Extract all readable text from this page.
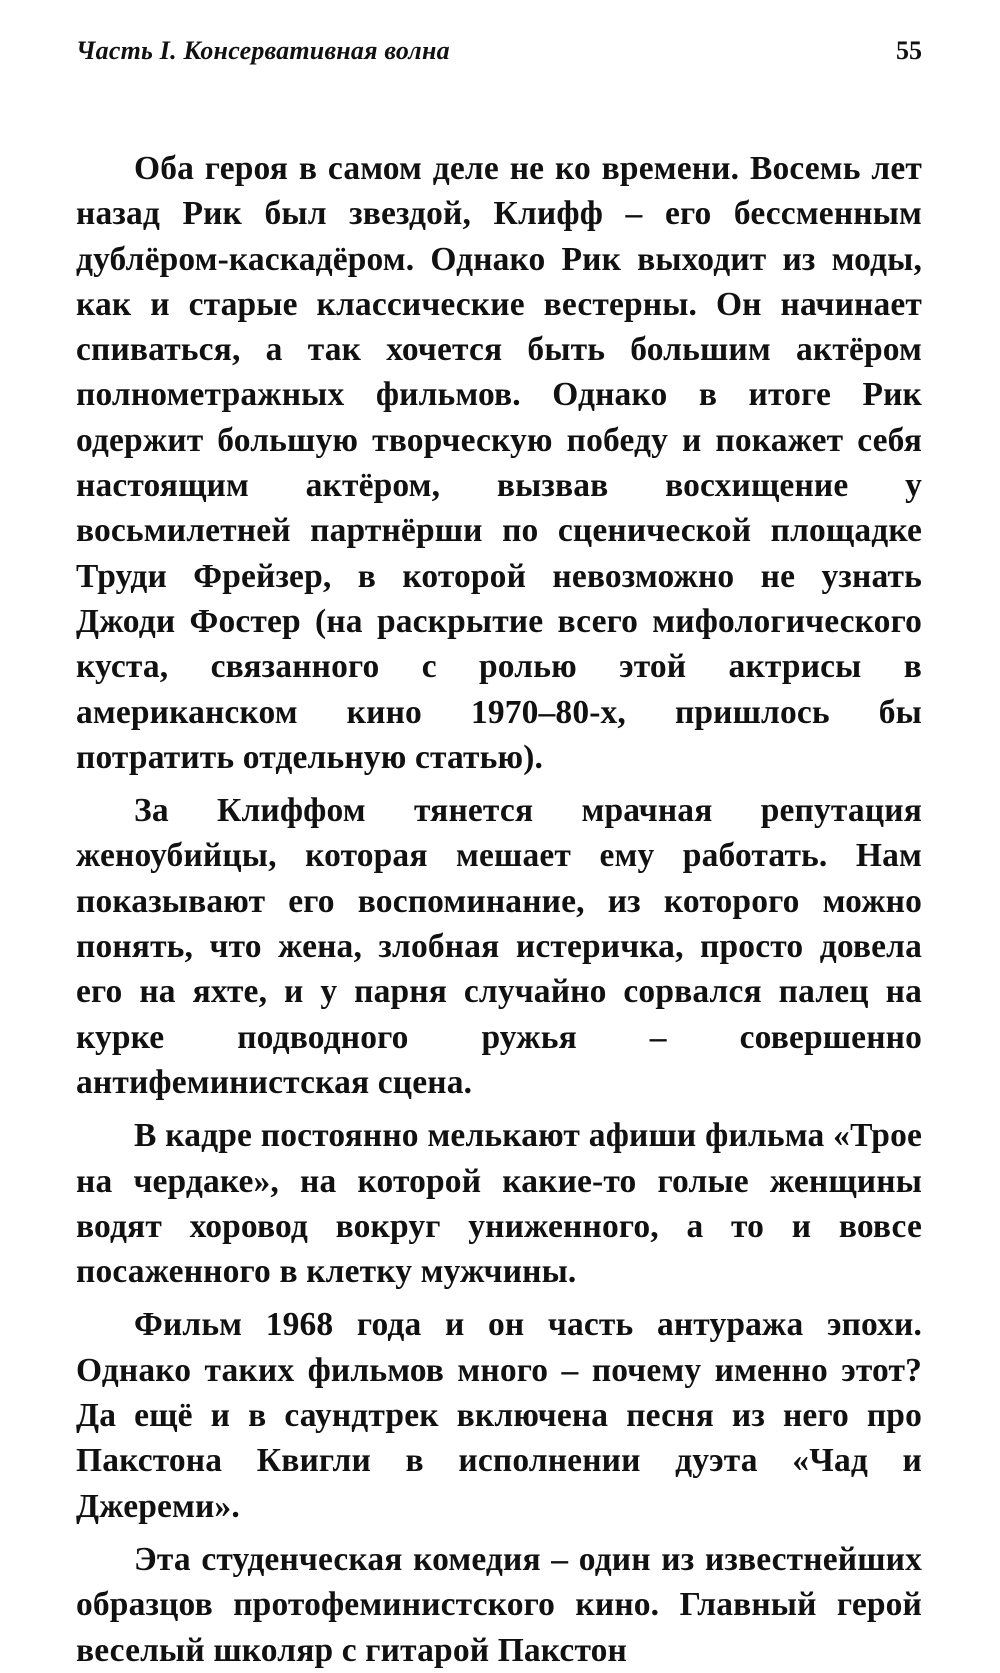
Часть I. Консервативная волна	55

Оба героя в самом деле не ко времени. Восемь лет назад Рик был звездой, Клифф – его бессменным дублёром-каскадёром. Однако Рик выходит из моды, как и старые классические вестерны. Он начинает спиваться, а так хочется быть большим актёром полнометражных фильмов. Однако в итоге Рик одержит большую творческую победу и покажет себя настоящим актёром, вызвав восхищение у восьмилетней партнёрши по сценической площадке Труди Фрейзер, в которой невозможно не узнать Джоди Фостер (на раскрытие всего мифологического куста, связанного с ролью этой актрисы в американском кино 1970–80-х, пришлось бы потратить отдельную статью).

За Клиффом тянется мрачная репутация женоубийцы, которая мешает ему работать. Нам показывают его воспоминание, из которого можно понять, что жена, злобная истеричка, просто довела его на яхте, и у парня случайно сорвался палец на курке подводного ружья – совершенно антифеминистская сцена.

В кадре постоянно мелькают афиши фильма «Трое на чердаке», на которой какие-то голые женщины водят хоровод вокруг униженного, а то и вовсе посаженного в клетку мужчины.

Фильм 1968 года и он часть антуража эпохи. Однако таких фильмов много – почему именно этот? Да ещё и в саундтрек включена песня из него про Пакстона Квигли в исполнении дуэта «Чад и Джереми».

Эта студенческая комедия – один из известнейших образцов протофеминистского кино. Главный герой веселый школяр с гитарой Пакстон
